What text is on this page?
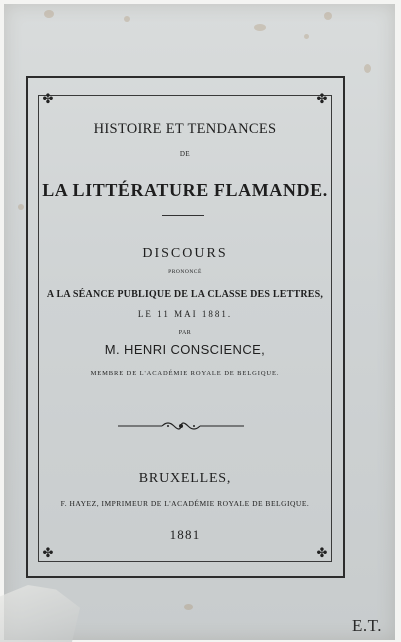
✤	✤
✤	✤
HISTOIRE ET TENDANCES
DE
LA LITTÉRATURE FLAMANDE.
DISCOURS
PRONONCÉ
A LA SÉANCE PUBLIQUE DE LA CLASSE DES LETTRES,
LE 11 MAI 1881.
PAR
M. HENRI CONSCIENCE,
MEMBRE DE L'ACADÉMIE ROYALE DE BELGIQUE.
BRUXELLES,
F. HAYEZ, IMPRIMEUR DE L'ACADÉMIE ROYALE DE BELGIQUE.
1881
E.T.
